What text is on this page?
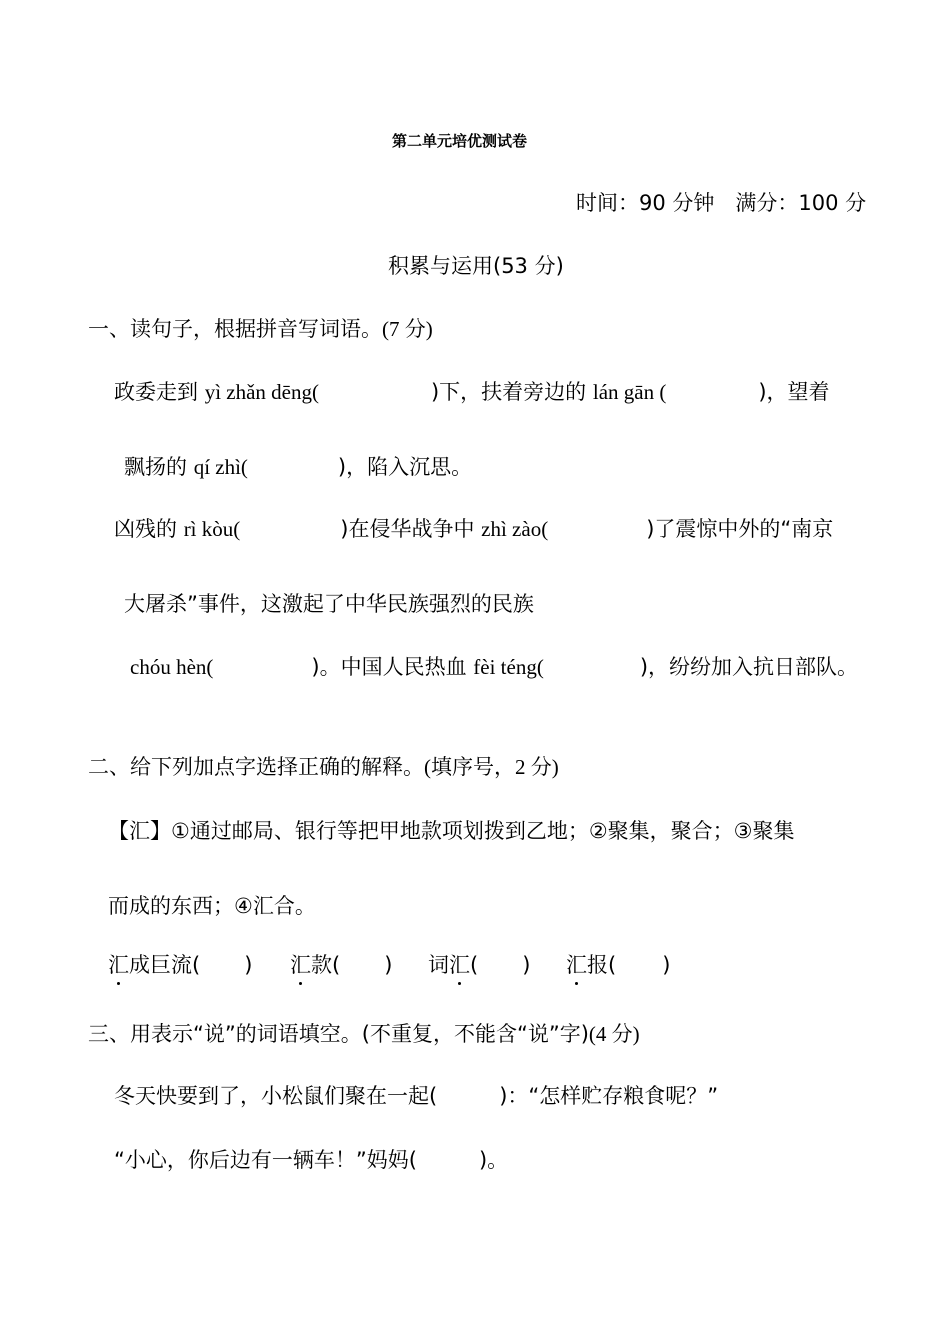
第二单元培优测试卷
时间：90 分钟　满分：100 分
积累与运用(53 分)
一、读句子，根据拼音写词语。(7 分)
政委走到 yì zhǎn dēng(	)下，扶着旁边的 lán gān (	)，望着
飘扬的 qí zhì(	)，陷入沉思。
凶残的 rì kòu(	)在侵华战争中 zhì zào(	)了震惊中外的“南京
大屠杀”事件，这激起了中华民族强烈的民族
chóu hèn(	)。中国人民热血 fèi téng(	)，纷纷加入抗日部队。
二、给下列加点字选择正确的解释。(填序号，2 分)
【汇】①通过邮局、银行等把甲地款项划拨到乙地；②聚集，聚合；③聚集
而成的东西；④汇合。
汇成巨流( ) 汇款( ) 词汇( ) 汇报( )
三、用表示“说”的词语填空。(不重复，不能含“说”字)(4 分)
冬天快要到了，小松鼠们聚在一起(	)：“怎样贮存粮食呢？”
“小心，你后边有一辆车！”妈妈(	)。
